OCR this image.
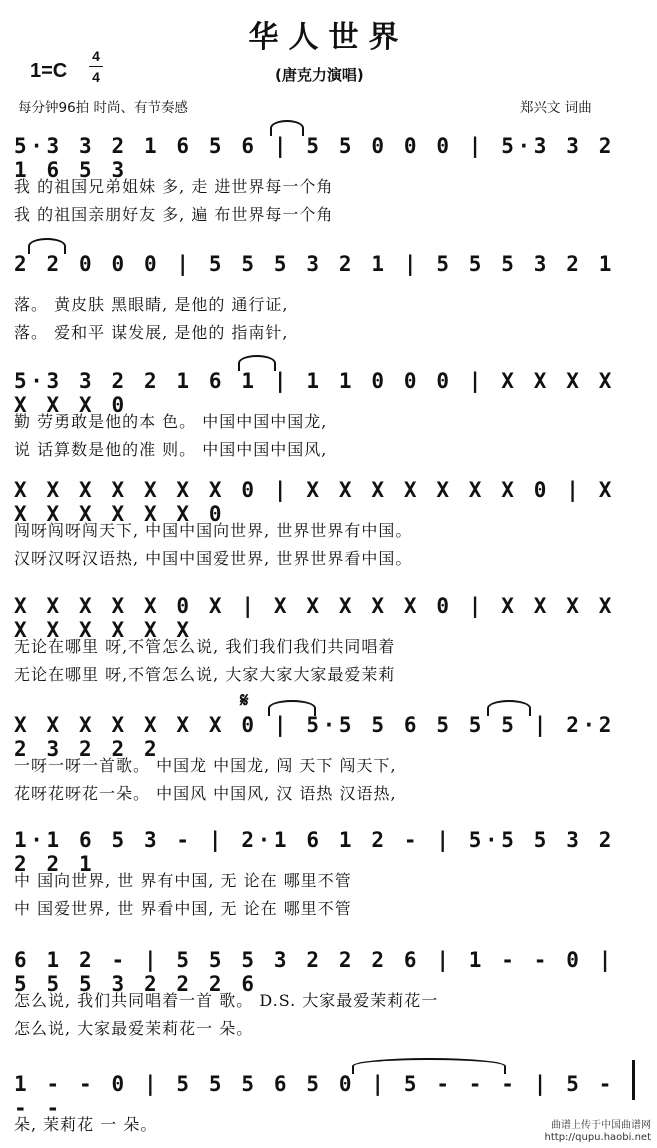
华人世界
(唐克力演唱)
1=C
4
4
每分钟96拍 时尚、有节奏感	郑兴文 词曲
𝄋
5·3 3 2 1 6 5 6 | 5 5 0 0 0 | 5·3 3 2 1 6 5 3
我 的祖国兄弟姐妹 多, 走 进世界每一个角
我 的祖国亲朋好友 多, 遍 布世界每一个角
2 2 0 0 0 | 5 5 5 3 2 1 | 5 5 5 3 2 1
落。 黄皮肤 黑眼睛, 是他的 通行证,
落。 爱和平 谋发展, 是他的 指南针,
5·3 3 2 2 1 6 1 | 1 1 0 0 0 | X X X X X X X 0
勤 劳勇敢是他的本 色。 中国中国中国龙,
说 话算数是他的准 则。 中国中国中国风,
X X X X X X X 0 | X X X X X X X 0 | X X X X X X X 0
闯呀闯呀闯天下, 中国中国向世界, 世界世界有中国。
汉呀汉呀汉语热, 中国中国爱世界, 世界世界看中国。
X X X X X 0 X | X X X X X 0 | X X X X X X X X X X
无论在哪里 呀,不管怎么说, 我们我们我们共同唱着
无论在哪里 呀,不管怎么说, 大家大家大家最爱茉莉
X X X X X X X 0 | 5·5 5 6 5 5 5 | 2·2 2 3 2 2 2
一呀一呀一首歌。 中国龙 中国龙, 闯 天下 闯天下,
花呀花呀花一朵。 中国风 中国风, 汉 语热 汉语热,
1·1 6 5 3 - | 2·1 6 1 2 - | 5·5 5 3 2 2 2 1
中 国向世界, 世 界有中国, 无 论在 哪里不管
中 国爱世界, 世 界看中国, 无 论在 哪里不管
6 1 2 - | 5 5 5 3 2 2 2 6 | 1 - - 0 | 5 5 5 3 2 2 2 6
怎么说, 我们共同唱着一首 歌。 D.S. 大家最爱茉莉花一
怎么说, 大家最爱茉莉花一 朵。
1 - - 0 | 5 5 5 6 5 0 | 5 - - - | 5 - - -
朵, 茉莉花 一 朵。	曲谱上传于中国曲谱网
http://qupu.haobi.net
